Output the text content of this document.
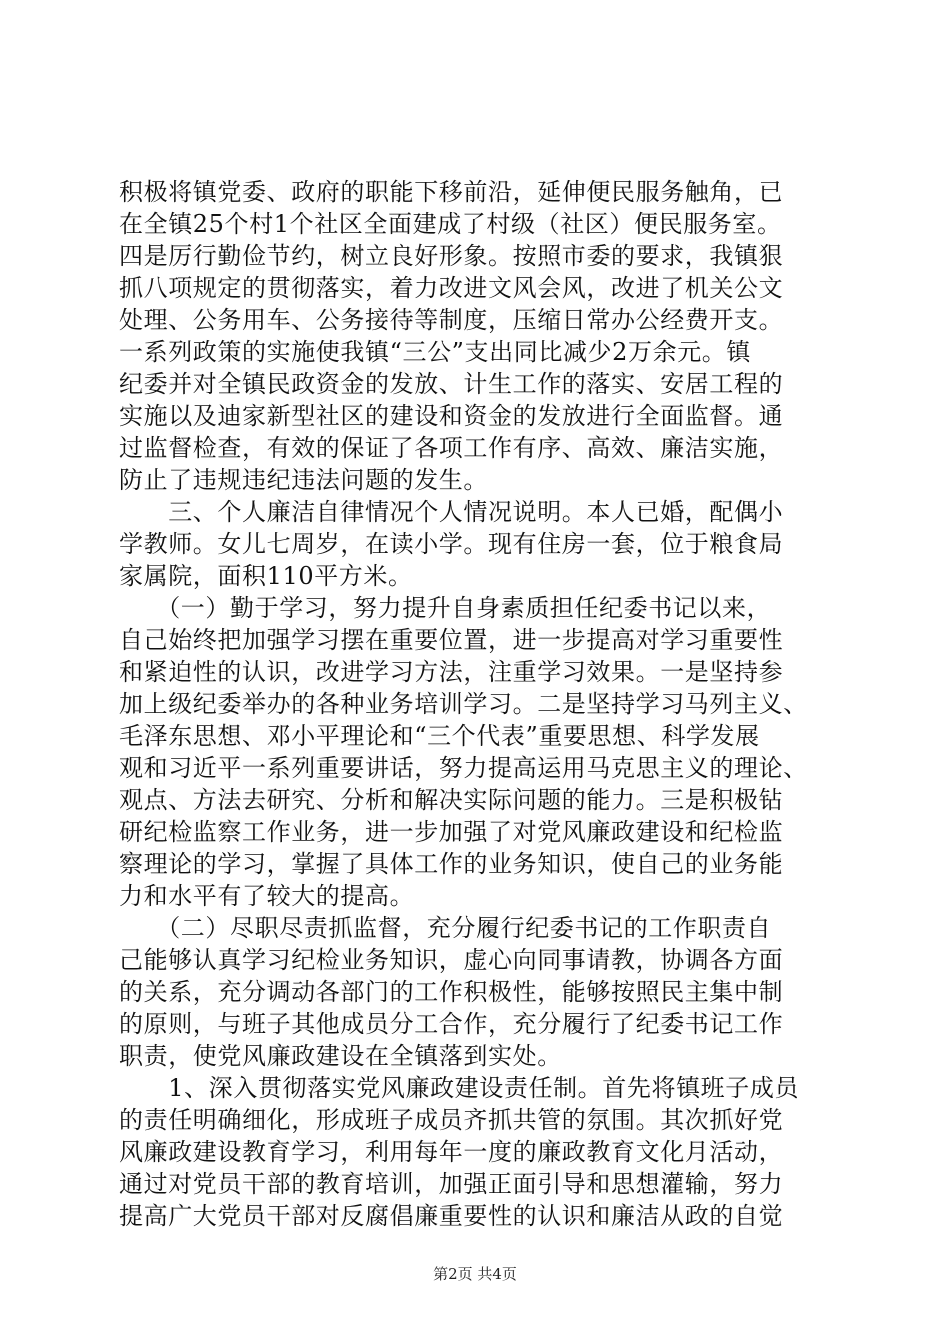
积极将镇党委、政府的职能下移前沿，延伸便民服务触角，已
在全镇25个村1个社区全面建成了村级（社区）便民服务室。
四是厉行勤俭节约，树立良好形象。按照市委的要求，我镇狠
抓八项规定的贯彻落实，着力改进文风会风，改进了机关公文
处理、公务用车、公务接待等制度，压缩日常办公经费开支。
一系列政策的实施使我镇“三公”支出同比减少2万余元。镇
纪委并对全镇民政资金的发放、计生工作的落实、安居工程的
实施以及迪家新型社区的建设和资金的发放进行全面监督。通
过监督检查，有效的保证了各项工作有序、高效、廉洁实施，
防止了违规违纪违法问题的发生。
　　三、个人廉洁自律情况个人情况说明。本人已婚，配偶小
学教师。女儿七周岁，在读小学。现有住房一套，位于粮食局
家属院，面积110平方米。
　　（一）勤于学习，努力提升自身素质担任纪委书记以来，
自己始终把加强学习摆在重要位置，进一步提高对学习重要性
和紧迫性的认识，改进学习方法，注重学习效果。一是坚持参
加上级纪委举办的各种业务培训学习。二是坚持学习马列主义、
毛泽东思想、邓小平理论和“三个代表”重要思想、科学发展
观和习近平一系列重要讲话，努力提高运用马克思主义的理论、
观点、方法去研究、分析和解决实际问题的能力。三是积极钻
研纪检监察工作业务，进一步加强了对党风廉政建设和纪检监
察理论的学习，掌握了具体工作的业务知识，使自己的业务能
力和水平有了较大的提高。
　　（二）尽职尽责抓监督，充分履行纪委书记的工作职责自
己能够认真学习纪检业务知识，虚心向同事请教，协调各方面
的关系，充分调动各部门的工作积极性，能够按照民主集中制
的原则，与班子其他成员分工合作，充分履行了纪委书记工作
职责，使党风廉政建设在全镇落到实处。
　　1、深入贯彻落实党风廉政建设责任制。首先将镇班子成员
的责任明确细化，形成班子成员齐抓共管的氛围。其次抓好党
风廉政建设教育学习，利用每年一度的廉政教育文化月活动，
通过对党员干部的教育培训，加强正面引导和思想灌输，努力
提高广大党员干部对反腐倡廉重要性的认识和廉洁从政的自觉
第2页 共4页
